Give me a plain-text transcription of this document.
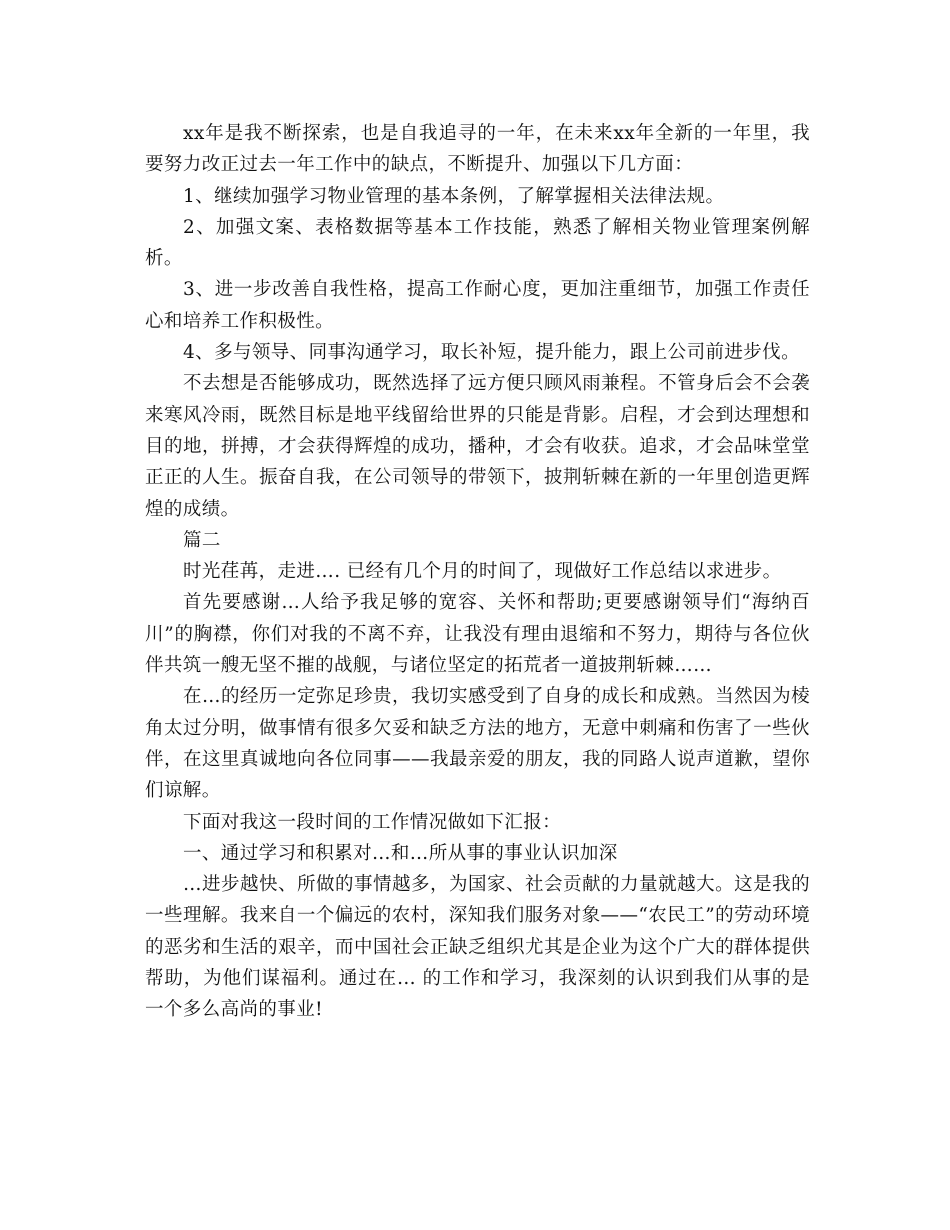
xx年是我不断探索，也是自我追寻的一年，在未来xx年全新的一年里，我要努力改正过去一年工作中的缺点，不断提升、加强以下几方面：

1、继续加强学习物业管理的基本条例，了解掌握相关法律法规。

2、加强文案、表格数据等基本工作技能，熟悉了解相关物业管理案例解析。

3、进一步改善自我性格，提高工作耐心度，更加注重细节，加强工作责任心和培养工作积极性。

4、多与领导、同事沟通学习，取长补短，提升能力，跟上公司前进步伐。

不去想是否能够成功，既然选择了远方便只顾风雨兼程。不管身后会不会袭来寒风冷雨，既然目标是地平线留给世界的只能是背影。启程，才会到达理想和目的地，拼搏，才会获得辉煌的成功，播种，才会有收获。追求，才会品味堂堂正正的人生。振奋自我，在公司领导的带领下，披荆斩棘在新的一年里创造更辉煌的成绩。

篇二

时光荏苒，走进…. 已经有几个月的时间了，现做好工作总结以求进步。

首先要感谢…人给予我足够的宽容、关怀和帮助;更要感谢领导们“海纳百川”的胸襟，你们对我的不离不弃，让我没有理由退缩和不努力，期待与各位伙伴共筑一艘无坚不摧的战舰，与诸位坚定的拓荒者一道披荆斩棘……

在…的经历一定弥足珍贵，我切实感受到了自身的成长和成熟。当然因为棱角太过分明，做事情有很多欠妥和缺乏方法的地方，无意中刺痛和伤害了一些伙伴，在这里真诚地向各位同事——我最亲爱的朋友，我的同路人说声道歉，望你们谅解。

下面对我这一段时间的工作情况做如下汇报：

一、通过学习和积累对…和…所从事的事业认识加深

…进步越快、所做的事情越多，为国家、社会贡献的力量就越大。这是我的一些理解。我来自一个偏远的农村，深知我们服务对象——“农民工”的劳动环境的恶劣和生活的艰辛，而中国社会正缺乏组织尤其是企业为这个广大的群体提供帮助，为他们谋福利。通过在... 的工作和学习，我深刻的认识到我们从事的是一个多么高尚的事业!
